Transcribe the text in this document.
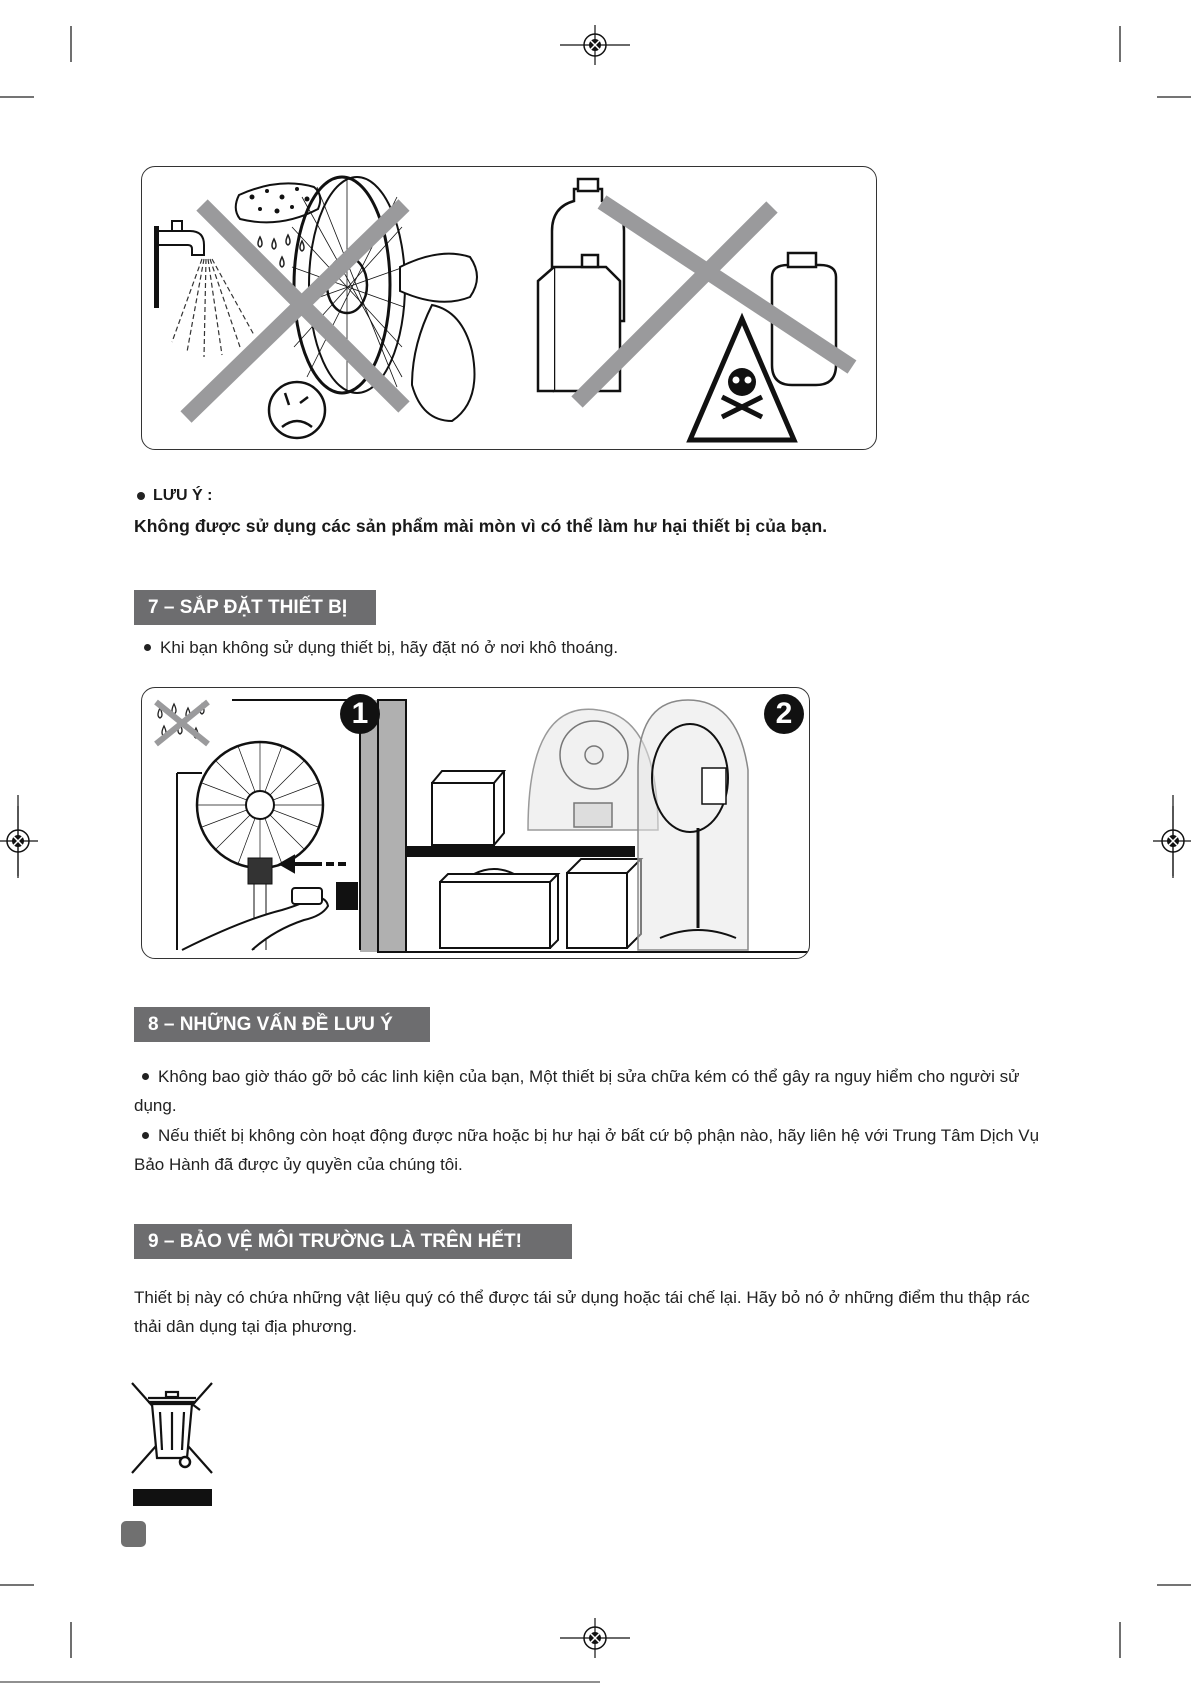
LƯU Ý :
Không được sử dụng các sản phẩm mài mòn vì có thể làm hư hại thiết bị của bạn.
7 – SẮP ĐẶT THIẾT BỊ
Khi bạn không sử dụng thiết bị, hãy đặt nó ở nơi khô thoáng.
1	2
8 – NHỮNG VẤN ĐỀ LƯU Ý
Không bao giờ tháo gỡ bỏ các linh kiện của bạn, Một thiết bị sửa chữa kém có thể gây ra nguy hiểm cho người sử dụng.
Nếu thiết bị không còn hoạt động được nữa hoặc bị hư hại ở bất cứ bộ phận nào, hãy liên hệ với Trung Tâm Dịch Vụ Bảo Hành đã được ủy quyền của chúng tôi.
9 – BẢO VỆ MÔI TRƯỜNG LÀ TRÊN HẾT!
Thiết bị này có chứa những vật liệu quý có thể được tái sử dụng hoặc tái chế lại. Hãy bỏ nó ở những điểm thu thập rác thải dân dụng tại địa phương.
